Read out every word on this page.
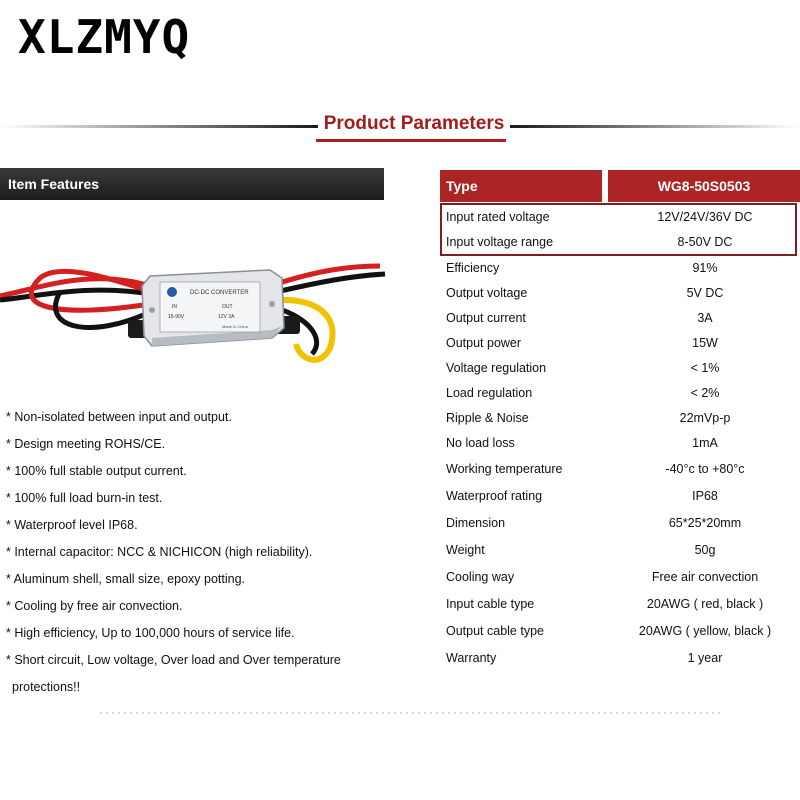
XLZMYQ
Product Parameters
Item Features
DC-DC CONVERTER
IN
15-90V
OUT
12V 3A
Made in China
* Non-isolated between input and output.
* Design meeting ROHS/CE.
* 100% full stable output current.
* 100% full load burn-in test.
* Waterproof level IP68.
* Internal capacitor: NCC & NICHICON (high reliability).
* Aluminum shell, small size, epoxy potting.
* Cooling by free air convection.
* High efficiency, Up to 100,000 hours of service life.
* Short circuit, Low voltage, Over load and Over temperature
protections!!
Type	WG8-50S0503
Input rated voltage	12V/24V/36V DC
Input voltage range	8-50V DC
Efficiency	91%
Output voltage	5V DC
Output current	3A
Output power	15W
Voltage regulation	< 1%
Load regulation	< 2%
Ripple & Noise	22mVp-p
No load loss	1mA
Working temperature	-40°c to +80°c
Waterproof rating	IP68
Dimension	65*25*20mm
Weight	50g
Cooling way	Free air convection
Input cable type	20AWG ( red, black )
Output cable type	20AWG ( yellow, black )
Warranty	1 year
